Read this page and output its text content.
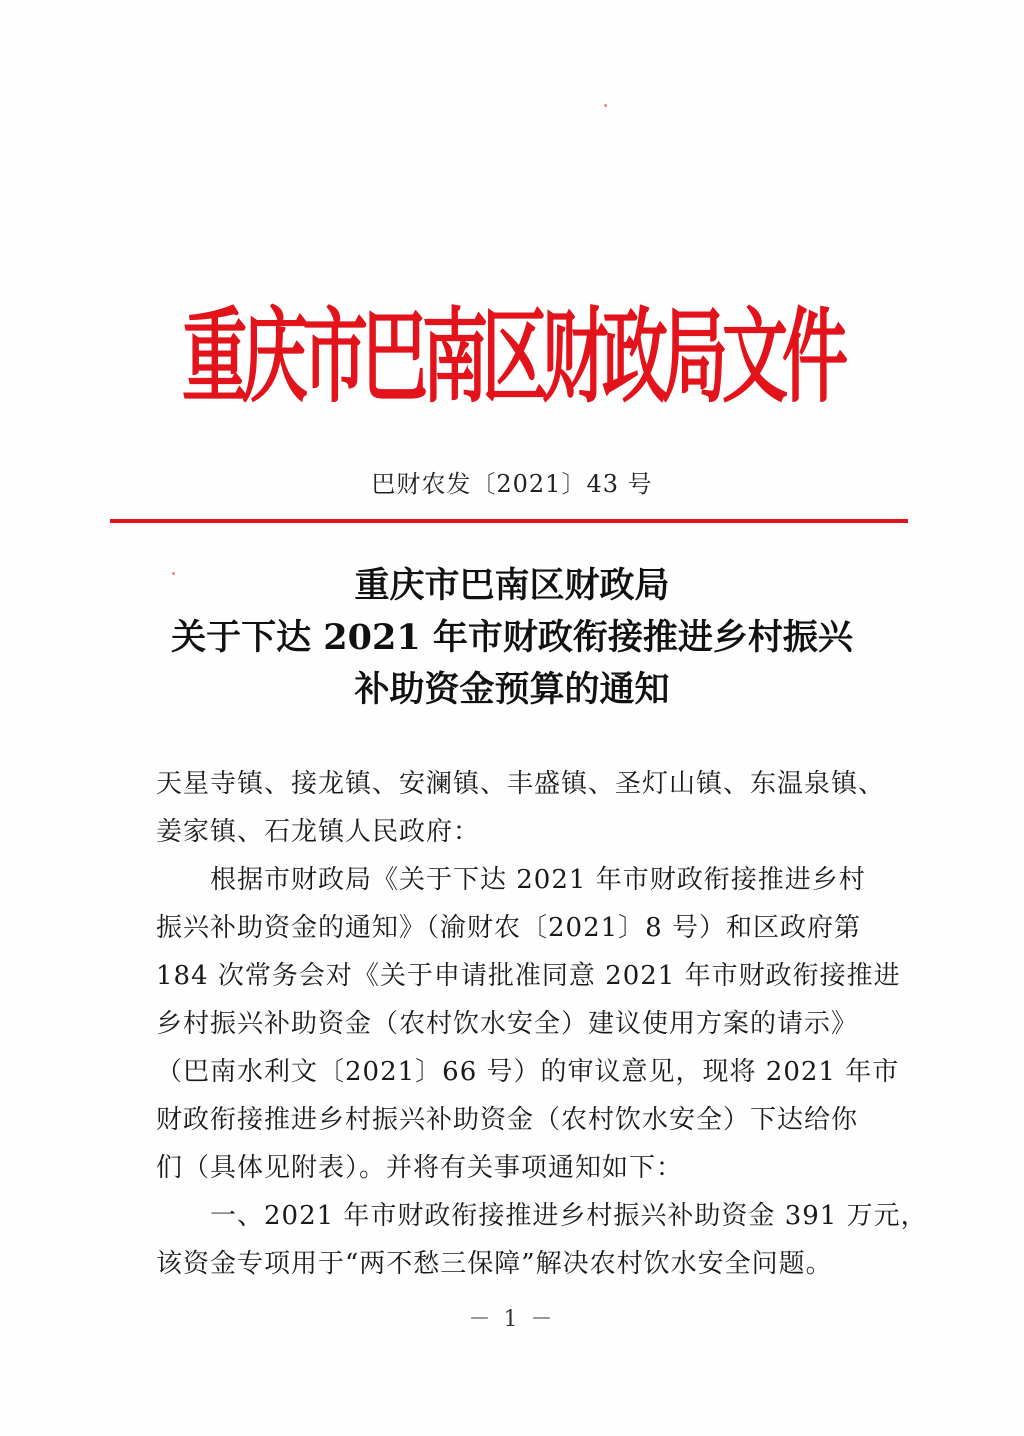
重庆市巴南区财政局文件
巴财农发〔2021〕43 号
重庆市巴南区财政局
关于下达 2021 年市财政衔接推进乡村振兴
补助资金预算的通知
天星寺镇、接龙镇、安澜镇、丰盛镇、圣灯山镇、东温泉镇、
姜家镇、石龙镇人民政府：
根据市财政局《关于下达 2021 年市财政衔接推进乡村
振兴补助资金的通知》（渝财农〔2021〕8 号）和区政府第
184 次常务会对《关于申请批准同意 2021 年市财政衔接推进
乡村振兴补助资金（农村饮水安全）建议使用方案的请示》
（巴南水利文〔2021〕66 号）的审议意见，现将 2021 年市
财政衔接推进乡村振兴补助资金（农村饮水安全）下达给你
们（具体见附表）。并将有关事项通知如下：
一、2021 年市财政衔接推进乡村振兴补助资金 391 万元，
该资金专项用于“两不愁三保障”解决农村饮水安全问题。
－ 1 －
